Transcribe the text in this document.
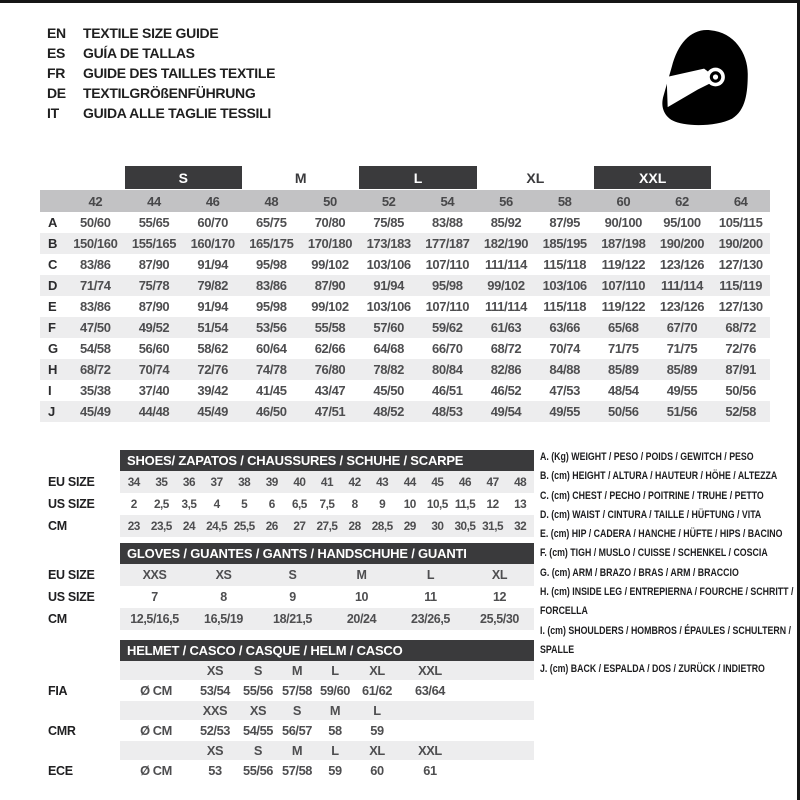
EN	TEXTILE SIZE GUIDE
ES	GUÍA DE TALLAS
FR	GUIDE DES TAILLES TEXTILE
DE	TEXTILGRÖßENFÜHRUNG
IT	GUIDA ALLE TAGLIE TESSILI
S	M	L	XL	XXL
42	44	46	48	50	52	54	56	58	60	62	64
A	50/60	55/65	60/70	65/75	70/80	75/85	83/88	85/92	87/95	90/100	95/100	105/115
B	150/160	155/165	160/170	165/175	170/180	173/183	177/187	182/190	185/195	187/198	190/200	190/200
C	83/86	87/90	91/94	95/98	99/102	103/106	107/110	111/114	115/118	119/122	123/126	127/130
D	71/74	75/78	79/82	83/86	87/90	91/94	95/98	99/102	103/106	107/110	111/114	115/119
E	83/86	87/90	91/94	95/98	99/102	103/106	107/110	111/114	115/118	119/122	123/126	127/130
F	47/50	49/52	51/54	53/56	55/58	57/60	59/62	61/63	63/66	65/68	67/70	68/72
G	54/58	56/60	58/62	60/64	62/66	64/68	66/70	68/72	70/74	71/75	71/75	72/76
H	68/72	70/74	72/76	74/78	76/80	78/82	80/84	82/86	84/88	85/89	85/89	87/91
I	35/38	37/40	39/42	41/45	43/47	45/50	46/51	46/52	47/53	48/54	49/55	50/56
J	45/49	44/48	45/49	46/50	47/51	48/52	48/53	49/54	49/55	50/56	51/56	52/58
SHOES/ ZAPATOS / CHAUSSURES / SCHUHE / SCARPE
EU SIZE	34	35	36	37	38	39	40	41	42	43	44	45	46	47	48
US SIZE	2	2,5	3,5	4	5	6	6,5	7,5	8	9	10 10,5 11,5 12	13
CM	23 23,5 24 24,5 25,5 26	27 27,5 28 28,5 29	30 30,5 31,5 32
GLOVES / GUANTES / GANTS / HANDSCHUHE / GUANTI
EU SIZE	XXS	XS	S	M	L	XL
US SIZE	7	8	9	10	11	12
CM	12,5/16,5	16,5/19	18/21,5	20/24	23/26,5	25,5/30
HELMET / CASCO / CASQUE / HELM / CASCO
XS	S	M	L	XL	XXL
FIA	Ø CM	53/54	55/56 57/58 59/60 61/62	63/64
XXS	XS	S	M	L
CMR	Ø CM	52/53	54/55 56/57	58	59
XS	S	M	L	XL	XXL
ECE	Ø CM	53	55/56 57/58	59	60	61
A. (Kg) WEIGHT / PESO / POIDS / GEWITCH / PESO
B. (cm) HEIGHT / ALTURA / HAUTEUR / HÖHE / ALTEZZA
C. (cm) CHEST / PECHO / POITRINE / TRUHE / PETTO
D. (cm) WAIST / CINTURA / TAILLE / HÜFTUNG / VITA
E. (cm) HIP / CADERA / HANCHE / HÜFTE / HIPS / BACINO
F. (cm) TIGH / MUSLO / CUISSE / SCHENKEL / COSCIA
G. (cm) ARM / BRAZO / BRAS / ARM / BRACCIO
H. (cm) INSIDE LEG / ENTREPIERNA / FOURCHE / SCHRITT / FORCELLA
I. (cm) SHOULDERS / HOMBROS / ÉPAULES / SCHULTERN / SPALLE
J. (cm) BACK / ESPALDA / DOS / ZURÜCK / INDIETRO
